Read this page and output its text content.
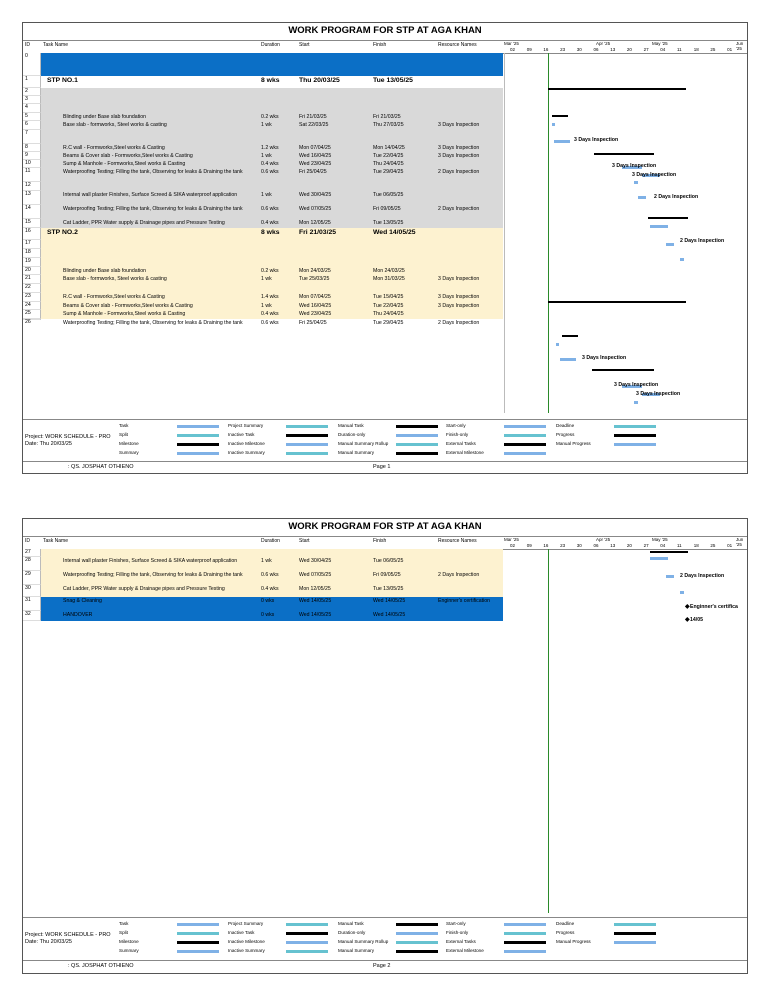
WORK PROGRAM FOR STP AT AGA KHAN
ID	Task Name	Duration	Start	Finish	Resource Names	Mar '25	Apr '25	May '25	Jun '25
02	09	16	23	30	06	13	20	27	04	11	18	25	01
0
1	STP NO.1	8 wks	Thu 20/03/25	Tue 13/05/25
2
3
4
5	Blinding under Base slab foundation	0.2 wks	Fri 21/03/25	Fri 21/03/25
6	Base slab - formworks, Steel works & casting	1 wk	Sat 22/03/25	Thu 27/03/25	3 Days Inspection
7
8	R.C wall - Formworks,Steel works & Casting	1.2 wks	Mon 07/04/25	Mon 14/04/25	3 Days Inspection
9	Beams & Cover slab - Formworks,Steel works & Casting	1 wk	Wed 16/04/25	Tue 22/04/25	3 Days Inspection
10	Sump & Manhole - Formworks,Steel works & Casting	0.4 wks	Wed 23/04/25	Thu 24/04/25
11	Waterproofing Testing; Filling the tank, Observing for leaks & Draining the tank	0.6 wks	Fri 25/04/25	Tue 29/04/25	2 Days Inspection
12
13	Internal wall plaster Finishes, Surface Screed & SIKA waterproof application	1 wk	Wed 30/04/25	Tue 06/05/25
14	Waterproofing Testing; Filling the tank, Observing for leaks & Draining the tank	0.6 wks	Wed 07/05/25	Fri 09/05/25	2 Days Inspection
15	Cat Ladder, PPR Water supply & Drainage pipes and Pressure Testing	0.4 wks	Mon 12/05/25	Tue 13/05/25
16	STP NO.2	8 wks	Fri 21/03/25	Wed 14/05/25
17
18
19
20	Blinding under Base slab foundation	0.2 wks	Mon 24/03/25	Mon 24/03/25
21	Base slab - formworks, Steel works & casting	1 wk	Tue 25/03/25	Mon 31/03/25	3 Days Inspection
22
23	R.C wall - Formworks,Steel works & Casting	1.4 wks	Mon 07/04/25	Tue 15/04/25	3 Days Inspection
24	Beams & Cover slab - Formworks,Steel works & Casting	1 wk	Wed 16/04/25	Tue 22/04/25	3 Days Inspection
25	Sump & Manhole - Formworks,Steel works & Casting	0.4 wks	Wed 23/04/25	Thu 24/04/25
26	Waterproofing Testing; Filling the tank, Observing for leaks & Draining the tank	0.6 wks	Fri 25/04/25	Tue 29/04/25	2 Days Inspection
3 Days Inspection
3 Days Inspection
3 Days Inspection
2 Days Inspection
2 Days Inspection
3 Days Inspection
3 Days Inspection
3 Days Inspection
Project: WORK SCHEDULE - PRO
Date: Thu 20/03/25
Task
Split
Milestone
Summary
Project Summary
Inactive Task
Inactive Milestone
Inactive Summary
Manual Task
Duration-only
Manual Summary Rollup
Manual Summary
Start-only
Finish-only
External Tasks
External Milestone
Deadline
Progress
Manual Progress
: QS. JOSPHAT OTHIENO	Page 1
WORK PROGRAM FOR STP AT AGA KHAN
ID	Task Name	Duration	Start	Finish	Resource Names	Mar '25	Apr '25	May '25	Jun '25
02	09	16	23	30	06	13	20	27	04	11	18	25	01
27
28	Internal wall plaster Finishes, Surface Screed & SIKA waterproof application	1 wk	Wed 30/04/25	Tue 06/05/25
29	Waterproofing Testing; Filling the tank, Observing for leaks & Draining the tank	0.6 wks	Wed 07/05/25	Fri 09/05/25	2 Days Inspection
30	Cat Ladder, PPR Water supply & Drainage pipes and Pressure Testing	0.4 wks	Mon 12/05/25	Tue 13/05/25
31	Snag & Cleaning	0 wks	Wed 14/05/25	Wed 14/05/25	Enginner's certification
32	HANDOVER	0 wks	Wed 14/05/25	Wed 14/05/25
2 Days Inspection
Enginner's certifica
14/05
◆
◆
Project: WORK SCHEDULE - PRO
Date: Thu 20/03/25
Task
Split
Milestone
Summary
Project Summary
Inactive Task
Inactive Milestone
Inactive Summary
Manual Task
Duration-only
Manual Summary Rollup
Manual Summary
Start-only
Finish-only
External Tasks
External Milestone
Deadline
Progress
Manual Progress
: QS. JOSPHAT OTHIENO	Page 2
